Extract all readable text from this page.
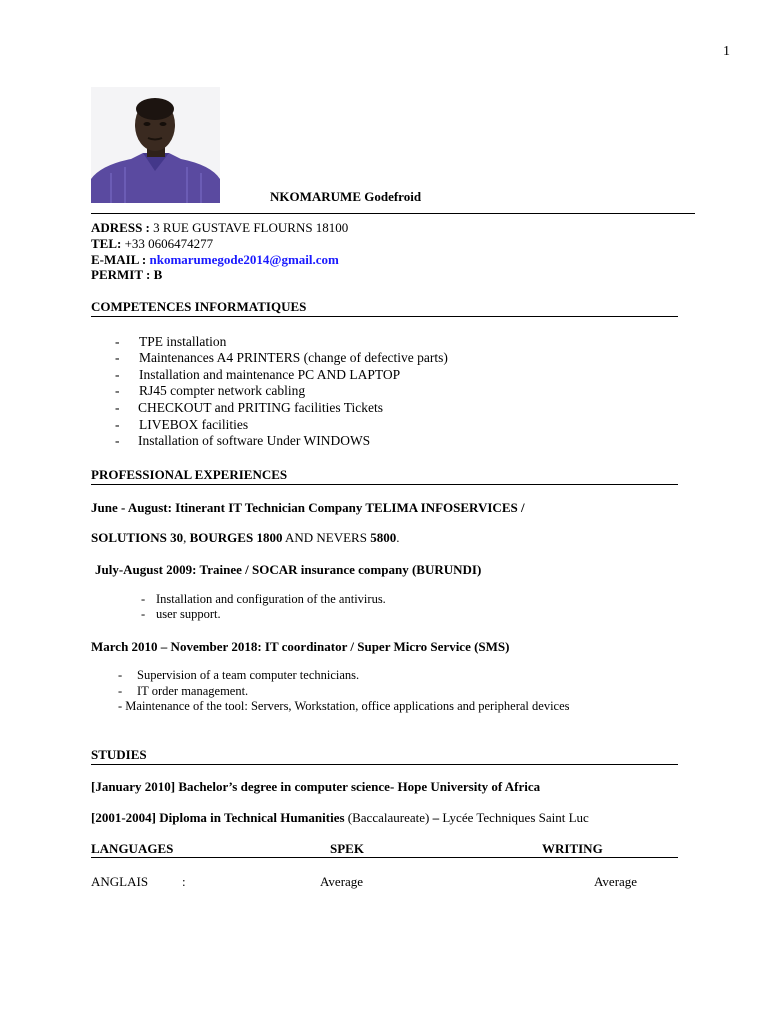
1
NKOMARUME Godefroid
ADRESS : 3 RUE GUSTAVE FLOURNS 18100
TEL: +33 0606474277
E-MAIL : nkomarumegode2014@gmail.com
PERMIT : B
COMPETENCES INFORMATIQUES
- TPE installation
- Maintenances A4 PRINTERS (change of defective parts)
- Installation and maintenance PC AND LAPTOP
- RJ45 compter network cabling
- CHECKOUT and PRITING facilities Tickets
- LIVEBOX facilities
- Installation of software Under WINDOWS
PROFESSIONAL EXPERIENCES
June - August: Itinerant IT Technician Company TELIMA INFOSERVICES /
SOLUTIONS 30, BOURGES 1800 AND NEVERS 5800.
July-August 2009: Trainee / SOCAR insurance company (BURUNDI)
- Installation and configuration of the antivirus.
- user support.
March 2010 – November 2018: IT coordinator / Super Micro Service (SMS)
- Supervision of a team computer technicians.
- IT order management.
- Maintenance of the tool: Servers, Workstation, office applications and peripheral devices
STUDIES
[January 2010] Bachelor’s degree in computer science- Hope University of Africa
[2001-2004] Diploma in Technical Humanities (Baccalaureate) – Lycée Techniques Saint Luc
LANGUAGES	SPEK	WRITING
ANGLAIS	:	Average	Average
